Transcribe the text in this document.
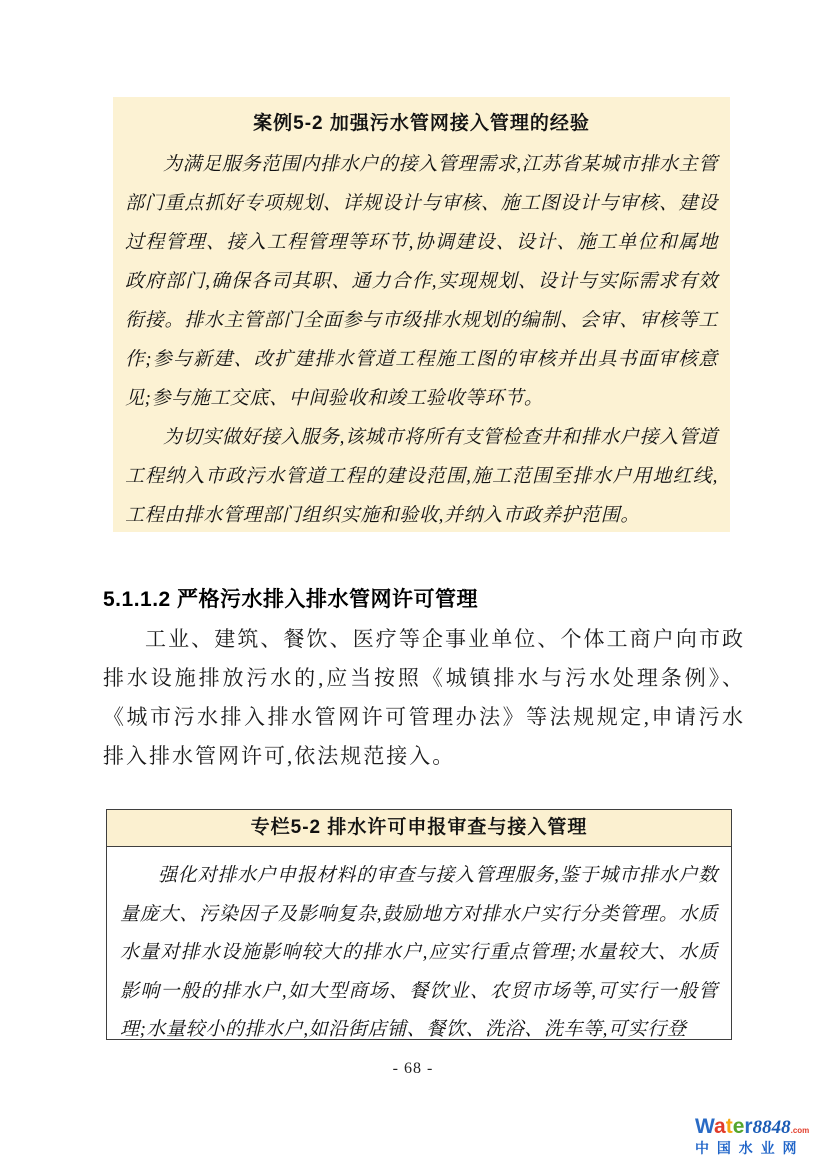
案例5-2 加强污水管网接入管理的经验

为满足服务范围内排水户的接入管理需求,江苏省某城市排水主管部门重点抓好专项规划、详规设计与审核、施工图设计与审核、建设过程管理、接入工程管理等环节,协调建设、设计、施工单位和属地政府部门,确保各司其职、通力合作,实现规划、设计与实际需求有效衔接。排水主管部门全面参与市级排水规划的编制、会审、审核等工作;参与新建、改扩建排水管道工程施工图的审核并出具书面审核意见;参与施工交底、中间验收和竣工验收等环节。

为切实做好接入服务,该城市将所有支管检查井和排水户接入管道工程纳入市政污水管道工程的建设范围,施工范围至排水户用地红线,工程由排水管理部门组织实施和验收,并纳入市政养护范围。

5.1.1.2 严格污水排入排水管网许可管理

工业、建筑、餐饮、医疗等企事业单位、个体工商户向市政排水设施排放污水的,应当按照《城镇排水与污水处理条例》、《城市污水排入排水管网许可管理办法》等法规规定,申请污水排入排水管网许可,依法规范接入。

专栏5-2 排水许可申报审查与接入管理

强化对排水户申报材料的审查与接入管理服务,鉴于城市排水户数量庞大、污染因子及影响复杂,鼓励地方对排水户实行分类管理。水质水量对排水设施影响较大的排水户,应实行重点管理;水量较大、水质影响一般的排水户,如大型商场、餐饮业、农贸市场等,可实行一般管理;水量较小的排水户,如沿街店铺、餐饮、洗浴、洗车等,可实行登

- 68 -
Water8848.com
中 国 水 业 网
